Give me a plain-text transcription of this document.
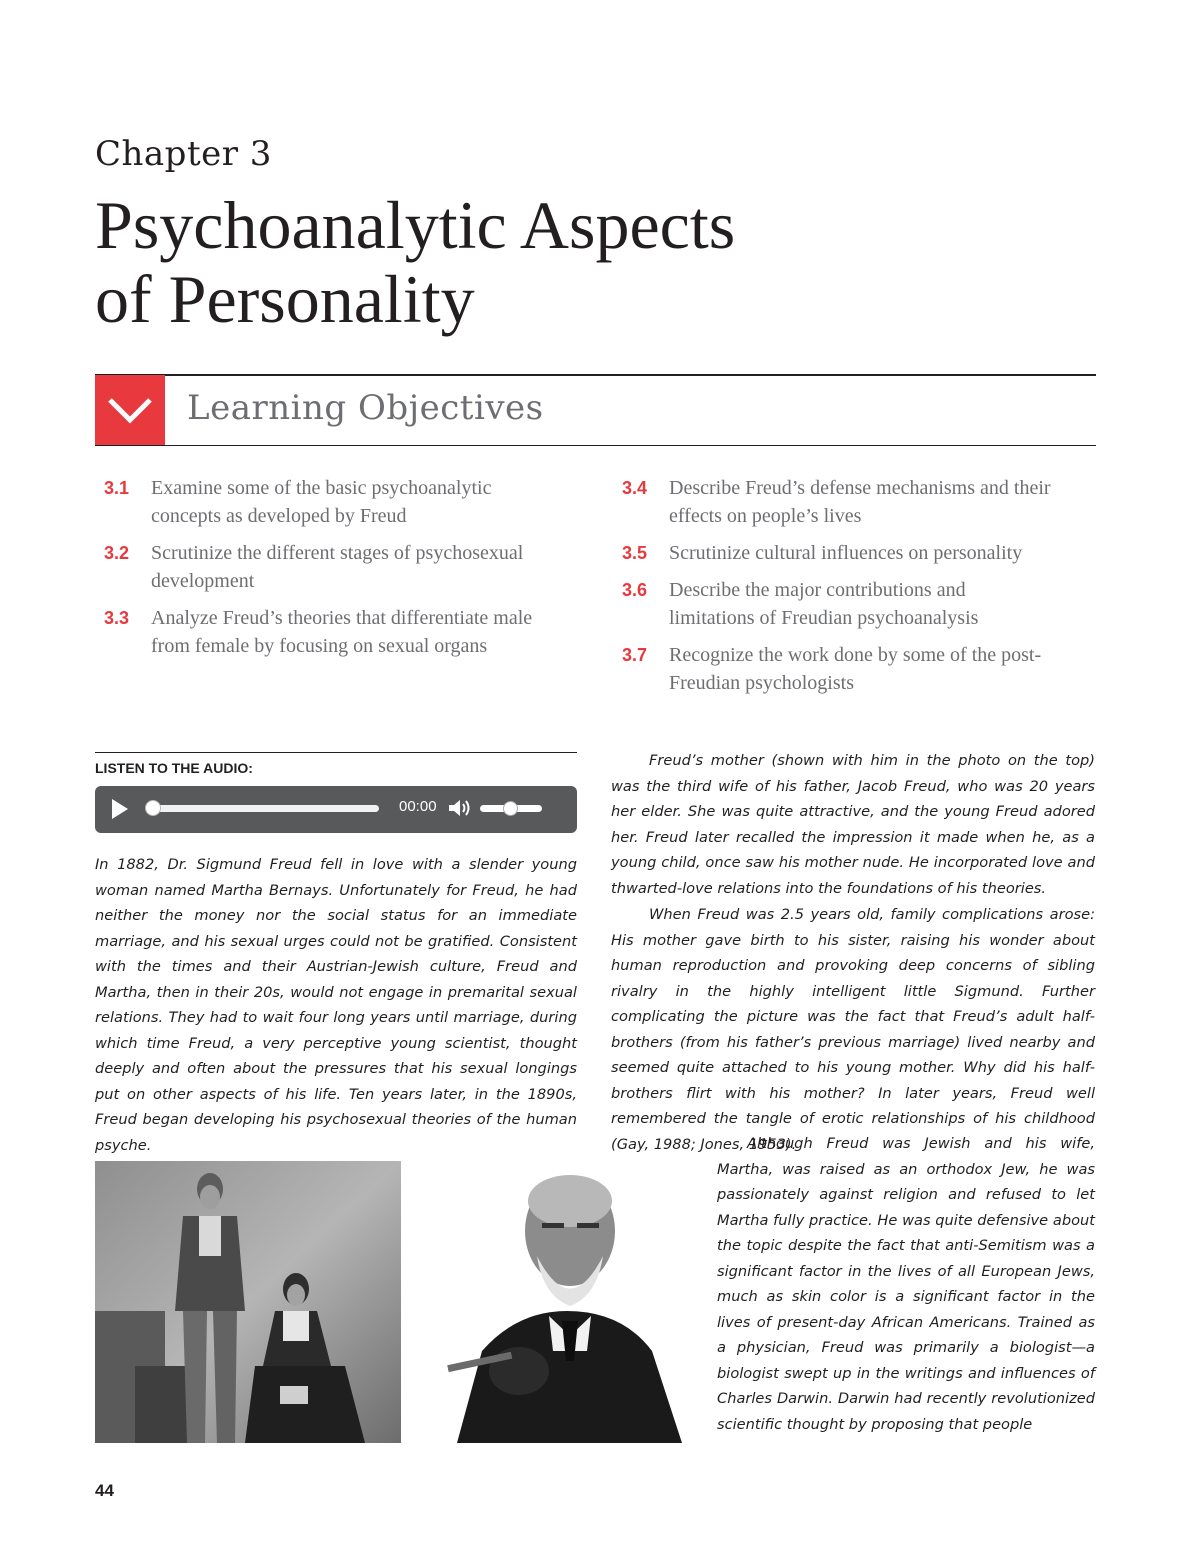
Chapter 3
Psychoanalytic Aspects
of Personality
Learning Objectives
3.1	Examine some of the basic psychoanalytic concepts as developed by Freud
3.2	Scrutinize the different stages of psychosexual development
3.3	Analyze Freud’s theories that differentiate male from female by focusing on sexual organs
3.4	Describe Freud’s defense mechanisms and their effects on people’s lives
3.5	Scrutinize cultural influences on personality
3.6	Describe the major contributions and limitations of Freudian psychoanalysis
3.7	Recognize the work done by some of the post-Freudian psychologists
LISTEN TO THE AUDIO:
00:00
In 1882, Dr. Sigmund Freud fell in love with a slender young woman named Martha Bernays. Unfortunately for Freud, he had neither the money nor the social status for an immediate marriage, and his sexual urges could not be gratified. Consistent with the times and their Austrian-Jewish culture, Freud and Martha, then in their 20s, would not engage in premarital sexual relations. They had to wait four long years until marriage, during which time Freud, a very perceptive young scientist, thought deeply and often about the pressures that his sexual longings put on other aspects of his life. Ten years later, in the 1890s, Freud began developing his psychosexual theories of the human psyche.
Freud’s mother (shown with him in the photo on the top) was the third wife of his father, Jacob Freud, who was 20 years her elder. She was quite attractive, and the young Freud adored her. Freud later recalled the impression it made when he, as a young child, once saw his mother nude. He incorporated love and thwarted-love relations into the foundations of his theories.
When Freud was 2.5 years old, family complications arose: His mother gave birth to his sister, raising his wonder about human reproduction and provoking deep concerns of sibling rivalry in the highly intelligent little Sigmund. Further complicating the picture was the fact that Freud’s adult half-brothers (from his father’s previous marriage) lived nearby and seemed quite attached to his young mother. Why did his half-brothers flirt with his mother? In later years, Freud well remembered the tangle of erotic relationships of his childhood (Gay, 1988; Jones, 1953).
Although Freud was Jewish and his wife, Martha, was raised as an orthodox Jew, he was passionately against religion and refused to let Martha fully practice. He was quite defensive about the topic despite the fact that anti-Semitism was a significant factor in the lives of all European Jews, much as skin color is a significant factor in the lives of present-day African Americans. Trained as a physician, Freud was primarily a biologist—a biologist swept up in the writings and influences of Charles Darwin. Darwin had recently revolutionized scientific thought by proposing that people
44
